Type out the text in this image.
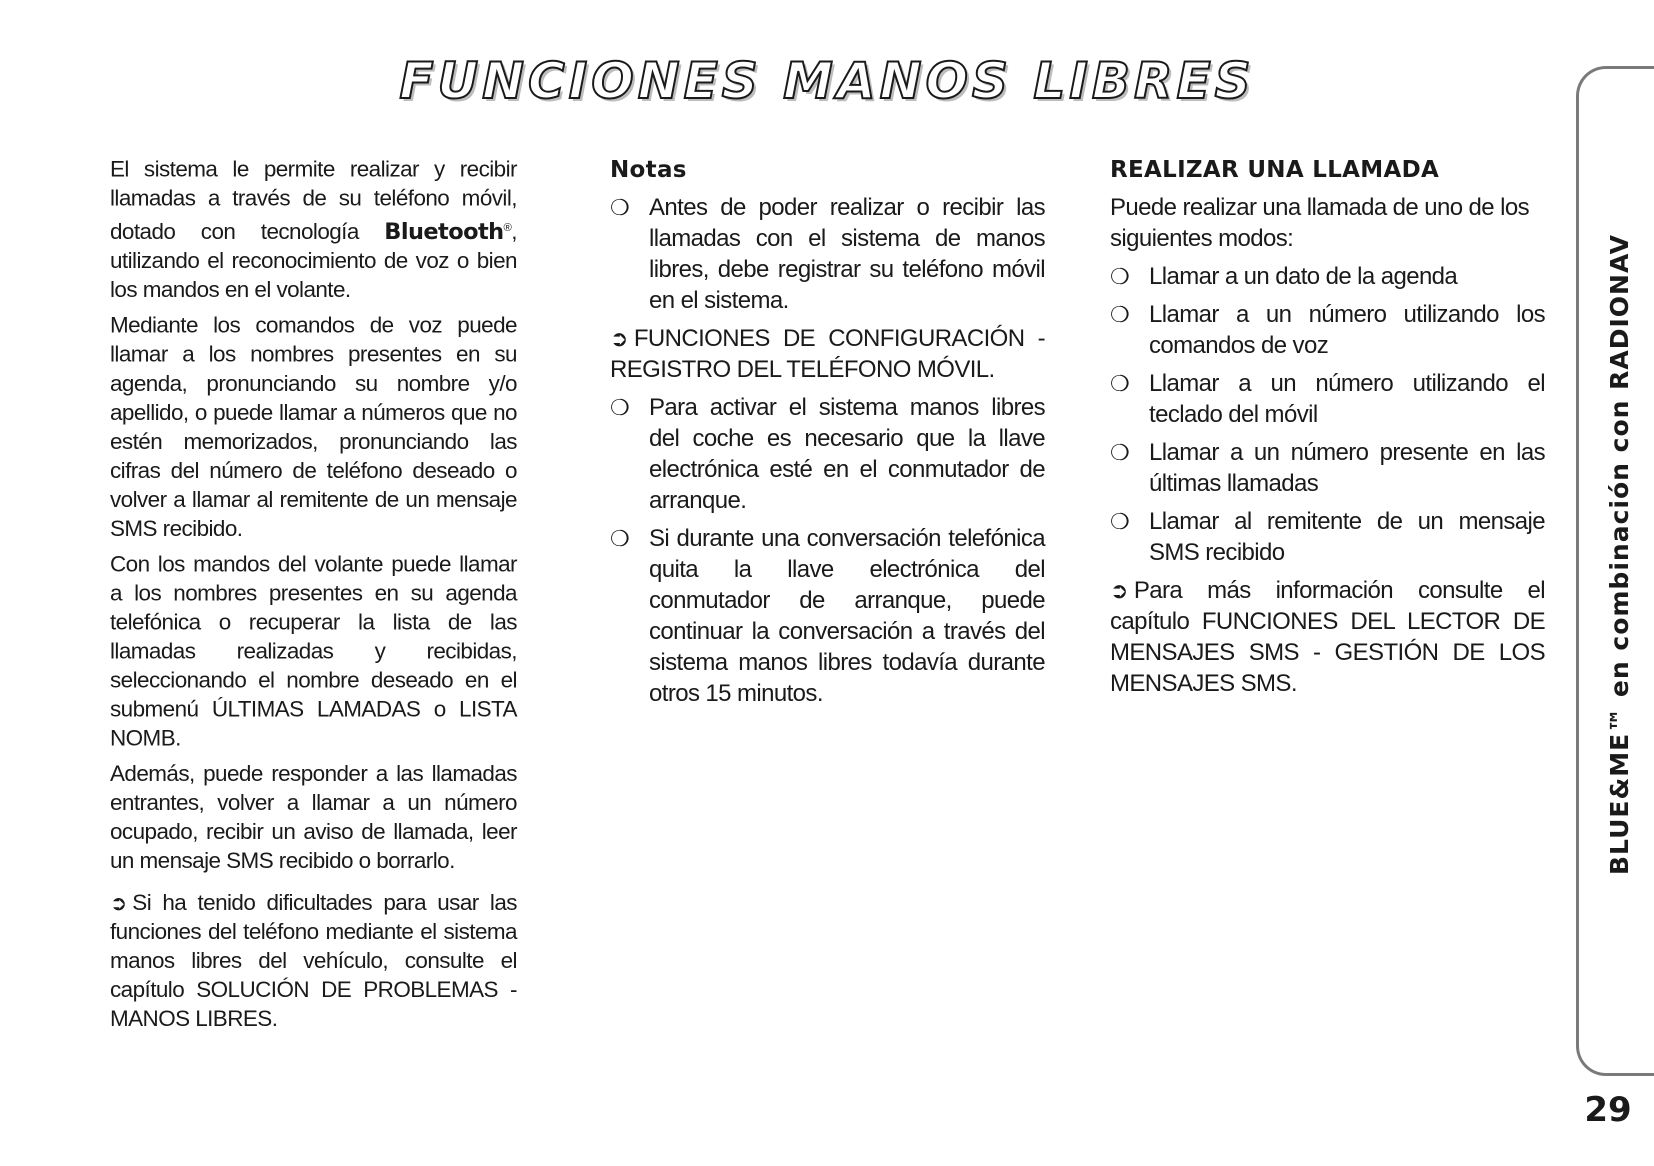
FUNCIONES MANOS LIBRES

El sistema le permite realizar y recibir llamadas a través de su teléfono móvil, dotado con tecnología Bluetooth®, utilizando el reconocimiento de voz o bien los mandos en el volante.

Mediante los comandos de voz puede llamar a los nombres presentes en su agenda, pronunciando su nombre y/o apellido, o puede llamar a números que no estén memorizados, pronunciando las cifras del número de teléfono deseado o volver a llamar al remitente de un mensaje SMS recibido.

Con los mandos del volante puede llamar a los nombres presentes en su agenda telefónica o recuperar la lista de las llamadas realizadas y recibidas, seleccionando el nombre deseado en el submenú ÚLTIMAS LAMADAS o LISTA NOMB.

Además, puede responder a las llamadas entrantes, volver a llamar a un número ocupado, recibir un aviso de llamada, leer un mensaje SMS recibido o borrarlo.

➲ Si ha tenido dificultades para usar las funciones del teléfono mediante el sistema manos libres del vehículo, consulte el capítulo SOLUCIÓN DE PROBLEMAS - MANOS LIBRES.

Notas
❍ Antes de poder realizar o recibir las llamadas con el sistema de manos libres, debe registrar su teléfono móvil en el sistema.

➲ FUNCIONES DE CONFIGURACIÓN - REGISTRO DEL TELÉFONO MÓVIL.

❍ Para activar el sistema manos libres del coche es necesario que la llave electrónica esté en el conmutador de arranque.
❍ Si durante una conversación telefónica quita la llave electrónica del conmutador de arranque, puede continuar la conversación a través del sistema manos libres todavía durante otros 15 minutos.
REALIZAR UNA LLAMADA

Puede realizar una llamada de uno de los siguientes modos:

❍ Llamar a un dato de la agenda
❍ Llamar a un número utilizando los comandos de voz
❍ Llamar a un número utilizando el teclado del móvil
❍ Llamar a un número presente en las últimas llamadas
❍ Llamar al remitente de un mensaje SMS recibido

➲ Para más información consulte el capítulo FUNCIONES DEL LECTOR DE MENSAJES SMS - GESTIÓN DE LOS MENSAJES SMS.	BLUE&ME™ en combinación con RADIONAV
29
